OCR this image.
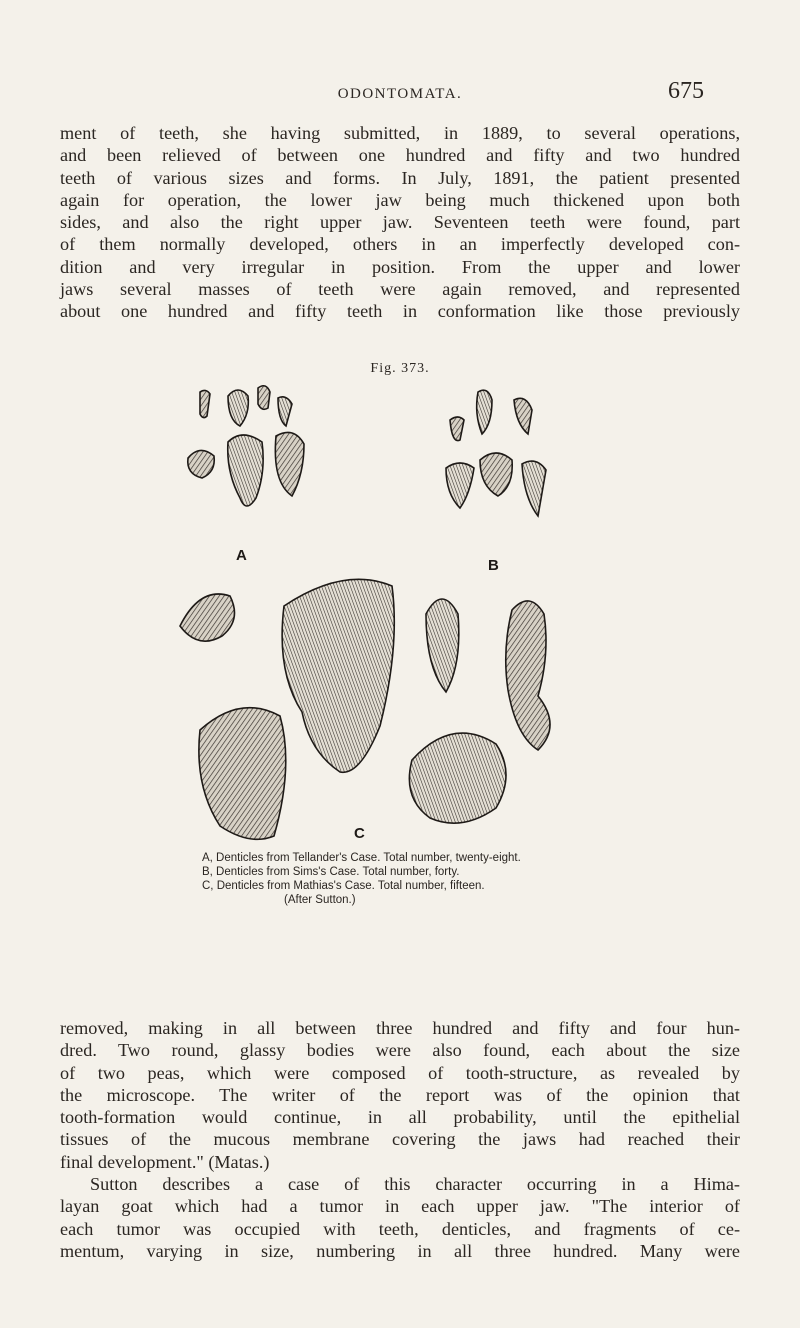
ODONTOMATA.	675
ment of teeth, she having submitted, in 1889, to several operations,
and been relieved of between one hundred and fifty and two hundred
teeth of various sizes and forms. In July, 1891, the patient presented
again for operation, the lower jaw being much thickened upon both
sides, and also the right upper jaw. Seventeen teeth were found, part
of them normally developed, others in an imperfectly developed con-
dition and very irregular in position. From the upper and lower
jaws several masses of teeth were again removed, and represented
about one hundred and fifty teeth in conformation like those previously
Fig. 373.
A
B
C
A, Denticles from Tellander's Case. Total number, twenty-eight.
B, Denticles from Sims's Case. Total number, forty.
C, Denticles from Mathias's Case. Total number, fifteen.
(After Sutton.)
removed, making in all between three hundred and fifty and four hun-
dred. Two round, glassy bodies were also found, each about the size
of two peas, which were composed of tooth-structure, as revealed by
the microscope. The writer of the report was of the opinion that
tooth-formation would continue, in all probability, until the epithelial
tissues of the mucous membrane covering the jaws had reached their
final development." (Matas.)
Sutton describes a case of this character occurring in a Hima-
layan goat which had a tumor in each upper jaw. "The interior of
each tumor was occupied with teeth, denticles, and fragments of ce-
mentum, varying in size, numbering in all three hundred. Many were
